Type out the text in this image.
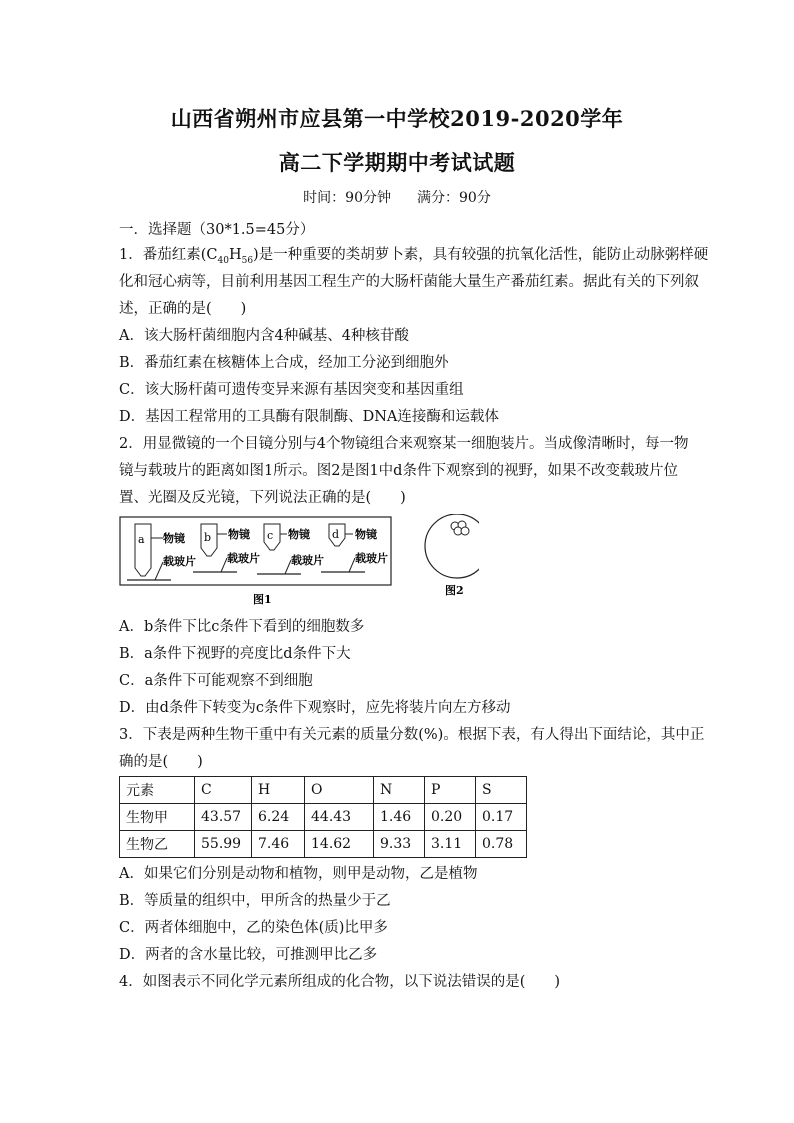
山西省朔州市应县第一中学校2019-2020学年
高二下学期期中考试试题
时间：90分钟 满分：90分
一．选择题（30*1.5=45分）
1．番茄红素$(C_{40}H_{56})$是一种重要的类胡萝卜素，具有较强的抗氧化活性，能防止动脉粥样硬
化和冠心病等，目前利用基因工程生产的大肠杆菌能大量生产番茄红素。据此有关的下列叙
述，正确的是(　　)
A．该大肠杆菌细胞内含4种碱基、4种核苷酸
B．番茄红素在核糖体上合成，经加工分泌到细胞外
C．该大肠杆菌可遗传变异来源有基因突变和基因重组
D．基因工程常用的工具酶有限制酶、DNA连接酶和运载体
2．用显微镜的一个目镜分别与4个物镜组合来观察某一细胞装片。当成像清晰时，每一物
镜与载玻片的距离如图1所示。图2是图1中d条件下观察到的视野，如果不改变载玻片位
置、光圈及反光镜，下列说法正确的是(　　)
a 物镜
载玻片
b 物镜
载玻片
c 物镜
载玻片
d 物镜
载玻片
图1
图2
A．b条件下比c条件下看到的细胞数多
B．a条件下视野的亮度比d条件下大
C．a条件下可能观察不到细胞
D．由d条件下转变为c条件下观察时，应先将装片向左方移动
3．下表是两种生物干重中有关元素的质量分数(%)。根据下表，有人得出下面结论，其中正
确的是(　　)
元素	C	H	O	N	P	S
生物甲	43.57	6.24	44.43	1.46	0.20	0.17
生物乙	55.99	7.46	14.62	9.33	3.11	0.78
A．如果它们分别是动物和植物，则甲是动物，乙是植物
B．等质量的组织中，甲所含的热量少于乙
C．两者体细胞中，乙的染色体(质)比甲多
D．两者的含水量比较，可推测甲比乙多
4．如图表示不同化学元素所组成的化合物，以下说法错误的是(　　)
